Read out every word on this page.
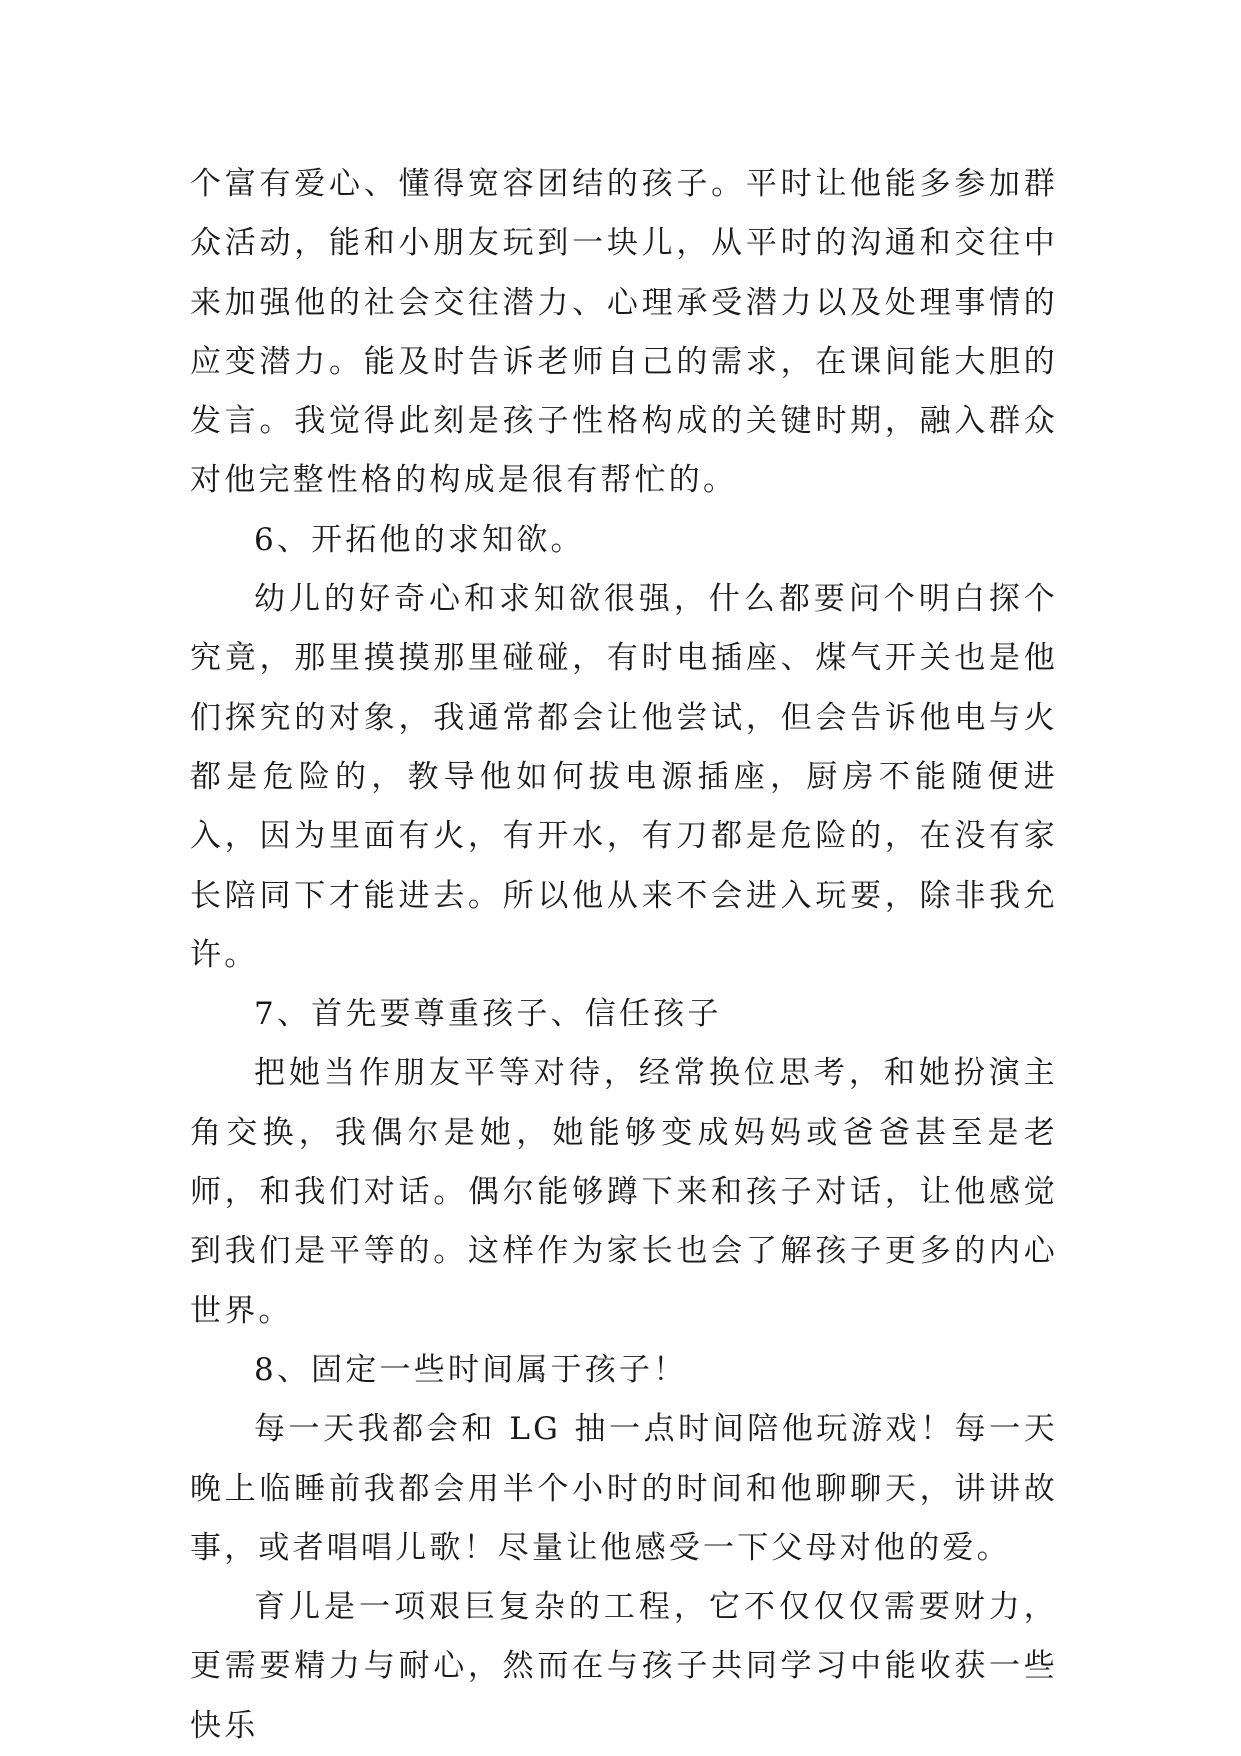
个富有爱心、懂得宽容团结的孩子。平时让他能多参加群众活动，能和小朋友玩到一块儿，从平时的沟通和交往中来加强他的社会交往潜力、心理承受潜力以及处理事情的应变潜力。能及时告诉老师自己的需求，在课间能大胆的发言。我觉得此刻是孩子性格构成的关键时期，融入群众对他完整性格的构成是很有帮忙的。

6、开拓他的求知欲。

幼儿的好奇心和求知欲很强，什么都要问个明白探个究竟，那里摸摸那里碰碰，有时电插座、煤气开关也是他们探究的对象，我通常都会让他尝试，但会告诉他电与火都是危险的，教导他如何拔电源插座，厨房不能随便进入，因为里面有火，有开水，有刀都是危险的，在没有家长陪同下才能进去。所以他从来不会进入玩要，除非我允许。

7、首先要尊重孩子、信任孩子

把她当作朋友平等对待，经常换位思考，和她扮演主角交换，我偶尔是她，她能够变成妈妈或爸爸甚至是老师，和我们对话。偶尔能够蹲下来和孩子对话，让他感觉到我们是平等的。这样作为家长也会了解孩子更多的内心世界。

8、固定一些时间属于孩子！

每一天我都会和 LG 抽一点时间陪他玩游戏！每一天晚上临睡前我都会用半个小时的时间和他聊聊天，讲讲故事，或者唱唱儿歌！尽量让他感受一下父母对他的爱。

育儿是一项艰巨复杂的工程，它不仅仅仅需要财力，更需要精力与耐心，然而在与孩子共同学习中能收获一些快乐
